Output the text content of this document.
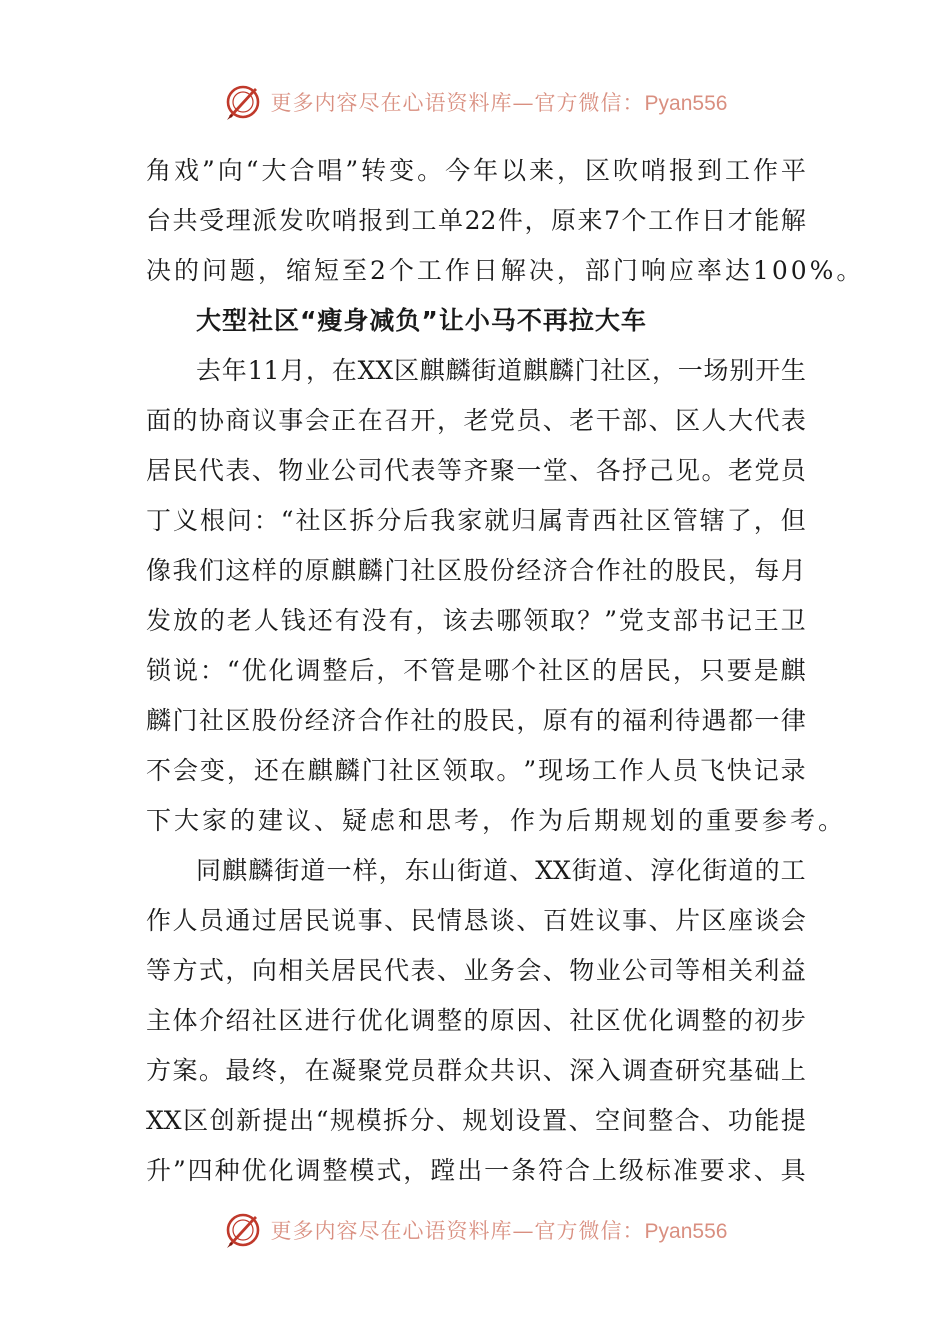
更多内容尽在心语资料库—官方微信：Pyan556
角 戏 ” 向 “ 大 合 唱 ” 转 变 。 今 年 以 来 ， 区 吹 哨 报 到 工 作 平
台 共 受 理 派 发 吹 哨 报 到 工 单 22 件 ， 原 来 7 个 工 作 日 才 能 解
决的问题，缩短至2个工作日解决，部门响应率达100%。
大型社区“瘦身减负”让小马不再拉大车
去 年 11 月 ， 在 XX 区 麒 麟 街 道 麒 麟 门 社 区 ， 一 场 别 开 生
面 的 协 商 议 事 会 正 在 召 开 ， 老 党 员 、 老 干 部 、 区 人 大 代 表
居 民 代 表 、 物 业 公 司 代 表 等 齐 聚 一 堂 、 各 抒 己 见 。 老 党 员
丁 义 根 问 ： “ 社 区 拆 分 后 我 家 就 归 属 青 西 社 区 管 辖 了 ， 但
像 我 们 这 样 的 原 麒 麟 门 社 区 股 份 经 济 合 作 社 的 股 民 ， 每 月
发 放 的 老 人 钱 还 有 没 有 ， 该 去 哪 领 取 ？ ” 党 支 部 书 记 王 卫
锁 说 ： “ 优 化 调 整 后 ， 不 管 是 哪 个 社 区 的 居 民 ， 只 要 是 麒
麟 门 社 区 股 份 经 济 合 作 社 的 股 民 ， 原 有 的 福 利 待 遇 都 一 律
不 会 变 ， 还 在 麒 麟 门 社 区 领 取 。 ” 现 场 工 作 人 员 飞 快 记 录
下大家的建议、疑虑和思考，作为后期规划的重要参考。
同 麒 麟 街 道 一 样 ， 东 山 街 道 、 XX 街 道 、 淳 化 街 道 的 工
作 人 员 通 过 居 民 说 事 、 民 情 恳 谈 、 百 姓 议 事 、 片 区 座 谈 会
等 方 式 ， 向 相 关 居 民 代 表 、 业 务 会 、 物 业 公 司 等 相 关 利 益
主 体 介 绍 社 区 进 行 优 化 调 整 的 原 因 、 社 区 优 化 调 整 的 初 步
方 案 。 最 终 ， 在 凝 聚 党 员 群 众 共 识 、 深 入 调 查 研 究 基 础 上
XX 区 创 新 提 出 “ 规 模 拆 分 、 规 划 设 置 、 空 间 整 合 、 功 能 提
升 ” 四 种 优 化 调 整 模 式 ， 蹚 出 一 条 符 合 上 级 标 准 要 求 、 具
更多内容尽在心语资料库—官方微信：Pyan556
